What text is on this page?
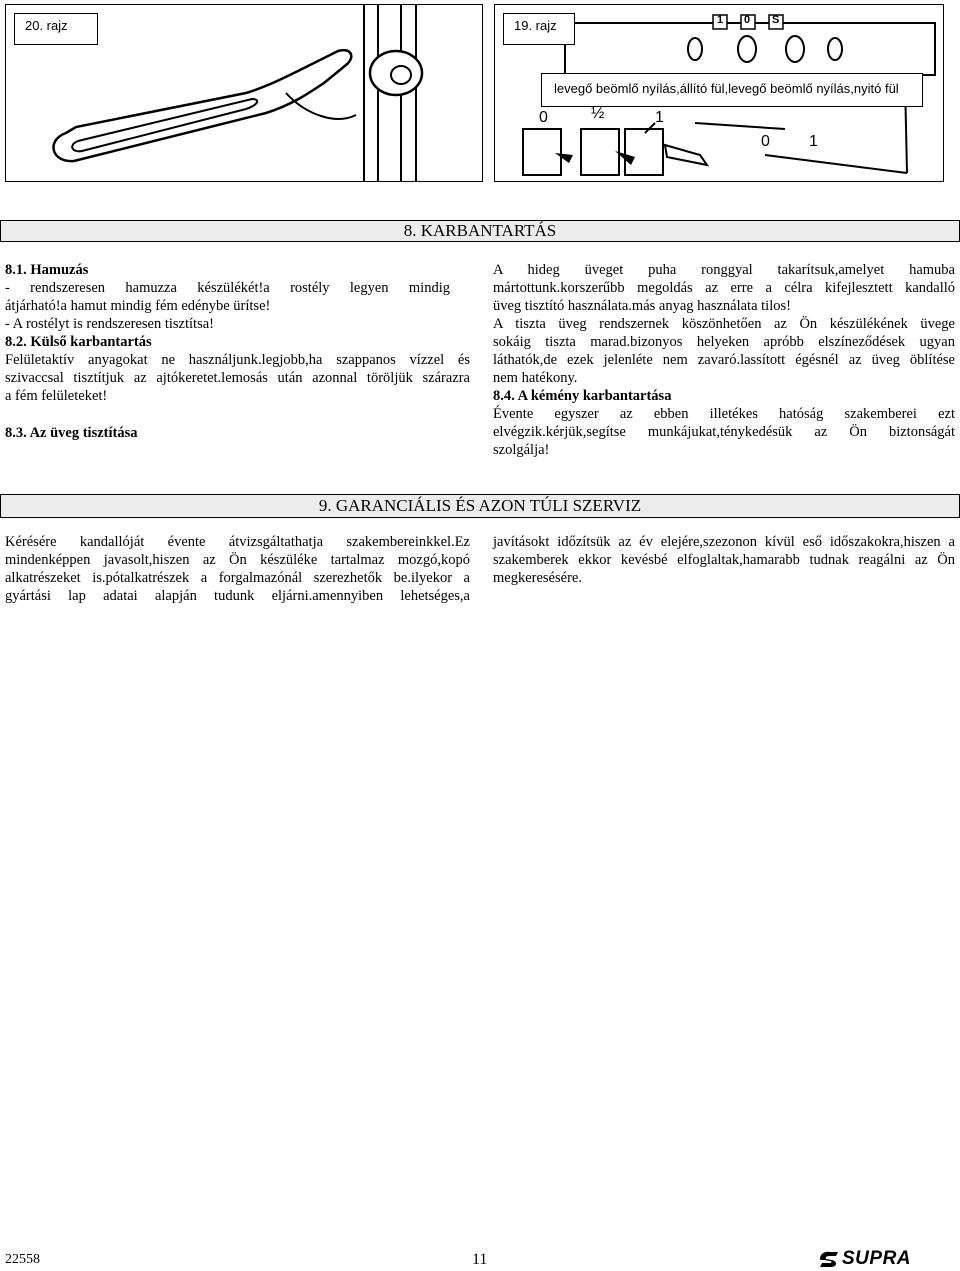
20. rajz	19. rajz	1 0 S
levegő beömlő nyílás,állító fül,levegő beömlő nyílás,nyitó fül
0	½	1
0 1
8. KARBANTARTÁS

8.1. Hamuzás

- rendszeresen hamuzza készülékét!a rostély legyen mindig
átjárható!a hamut mindig fém edénybe ürítse!
- A rostélyt is rendszeresen tisztítsa!

8.2. Külső karbantartás

Felületaktív anyagokat ne használjunk.legjobb,ha szappanos vízzel és
szivaccsal tisztítjuk az ajtókeretet.lemosás után azonnal töröljük szárazra
a fém felületeket!

8.3. Az üveg tisztítása

A hideg üveget puha ronggyal takarítsuk,amelyet hamuba
mártottunk.korszerűbb megoldás az erre a célra kifejlesztett kandalló
üveg tisztító használata.más anyag használata tilos!
A tiszta üveg rendszernek köszönhetően az Ön készülékének üvege
sokáig tiszta marad.bizonyos helyeken apróbb elszíneződések ugyan
láthatók,de ezek jelenléte nem zavaró.lassított égésnél az üveg öblítése
nem hatékony.

8.4. A kémény karbantartása

Évente egyszer az ebben illetékes hatóság szakemberei ezt
elvégzik.kérjük,segítse munkájukat,ténykedésük az Ön biztonságát
szolgálja!

9. GARANCIÁLIS ÉS AZON TÚLI SZERVIZ

Kérésére kandallóját évente átvizsgáltathatja szakembereinkkel.Ez
mindenképpen javasolt,hiszen az Ön készüléke tartalmaz mozgó,kopó
alkatrészeket is.pótalkatrészek a forgalmazónál szerezhetők be.ilyekor a
gyártási lap adatai alapján tudunk eljárni.amennyiben lehetséges,a

javításokt időzítsük az év elejére,szezonon kívül eső időszakokra,hiszen a
szakemberek ekkor kevésbé elfoglaltak,hamarabb tudnak reagálni az Ön
megkeresésére.

22558	11	SUPRA
